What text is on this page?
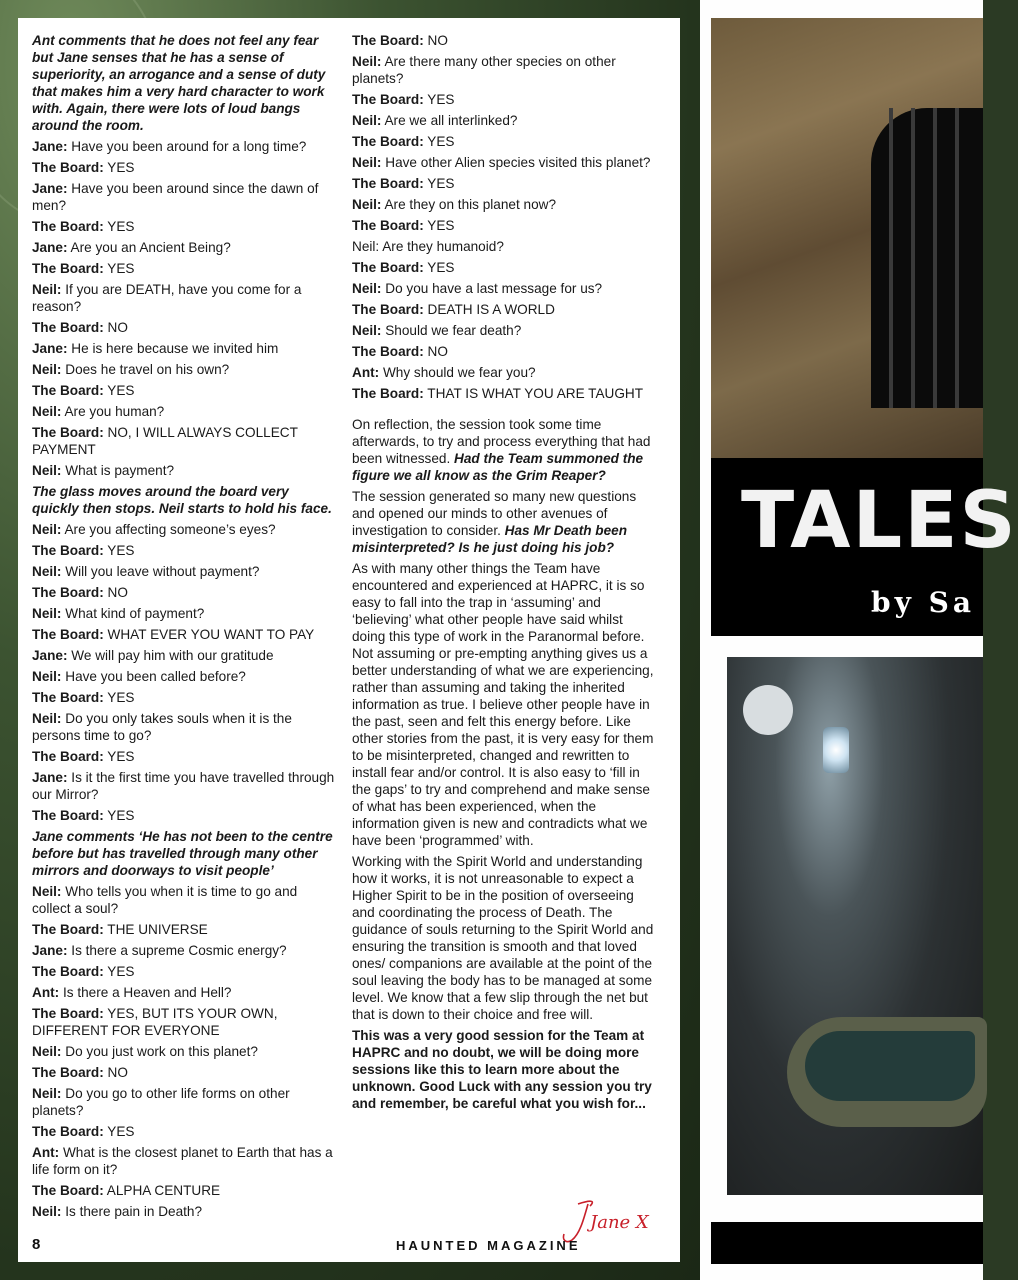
Ant comments that he does not feel any fear but Jane senses that he has a sense of superiority, an arrogance and a sense of duty that makes him a very hard character to work with. Again, there were lots of loud bangs around the room.

Jane: Have you been around for a long time?

The Board: YES

Jane: Have you been around since the dawn of men?

The Board: YES

Jane: Are you an Ancient Being?

The Board: YES

Neil: If you are DEATH, have you come for a reason?

The Board: NO

Jane: He is here because we invited him

Neil: Does he travel on his own?

The Board: YES

Neil: Are you human?

The Board: NO, I WILL ALWAYS COLLECT PAYMENT

Neil: What is payment?

The glass moves around the board very quickly then stops. Neil starts to hold his face.

Neil: Are you affecting someone’s eyes?

The Board: YES

Neil: Will you leave without payment?

The Board: NO

Neil: What kind of payment?

The Board: WHAT EVER YOU WANT TO PAY

Jane: We will pay him with our gratitude

Neil: Have you been called before?

The Board: YES

Neil: Do you only takes souls when it is the persons time to go?

The Board: YES

Jane: Is it the first time you have travelled through our Mirror?

The Board: YES

Jane comments ‘He has not been to the centre before but has travelled through many other mirrors and doorways to visit people’

Neil: Who tells you when it is time to go and collect a soul?

The Board: THE UNIVERSE

Jane: Is there a supreme Cosmic energy?

The Board: YES

Ant: Is there a Heaven and Hell?

The Board: YES, BUT ITS YOUR OWN, DIFFERENT FOR EVERYONE

Neil: Do you just work on this planet?

The Board: NO

Neil: Do you go to other life forms on other planets?

The Board: YES

Ant: What is the closest planet to Earth that has a life form on it?

The Board: ALPHA CENTURE

Neil: Is there pain in Death?

The Board: NO

Neil: Are there many other species on other planets?

The Board: YES

Neil: Are we all interlinked?

The Board: YES

Neil: Have other Alien species visited this planet?

The Board: YES

Neil: Are they on this planet now?

The Board: YES

Neil: Are they humanoid?

The Board: YES

Neil: Do you have a last message for us?

The Board: DEATH IS A WORLD

Neil: Should we fear death?

The Board: NO

Ant: Why should we fear you?

The Board: THAT IS WHAT YOU ARE TAUGHT

On reflection, the session took some time afterwards, to try and process everything that had been witnessed. Had the Team summoned the figure we all know as the Grim Reaper?

The session generated so many new questions and opened our minds to other avenues of investigation to consider. Has Mr Death been misinterpreted? Is he just doing his job?

As with many other things the Team have encountered and experienced at HAPRC, it is so easy to fall into the trap in ‘assuming’ and ‘believing’ what other people have said whilst doing this type of work in the Paranormal before. Not assuming or pre-empting anything gives us a better understanding of what we are experiencing, rather than assuming and taking the inherited information as true. I believe other people have in the past, seen and felt this energy before. Like other stories from the past, it is very easy for them to be misinterpreted, changed and rewritten to install fear and/or control. It is also easy to ‘fill in the gaps’ to try and comprehend and make sense of what has been experienced, when the information given is new and contradicts what we have been ‘programmed’ with.

Working with the Spirit World and understanding how it works, it is not unreasonable to expect a Higher Spirit to be in the position of overseeing and coordinating the process of Death. The guidance of souls returning to the Spirit World and ensuring the transition is smooth and that loved ones/ companions are available at the point of the soul leaving the body has to be managed at some level. We know that a few slip through the net but that is down to their choice and free will.

This was a very good session for the Team at HAPRC and no doubt, we will be doing more sessions like this to learn more about the unknown. Good Luck with any session you try and remember, be careful what you wish for...

Jane X
8	HAUNTED MAGAZINE
TALES
by Sa
